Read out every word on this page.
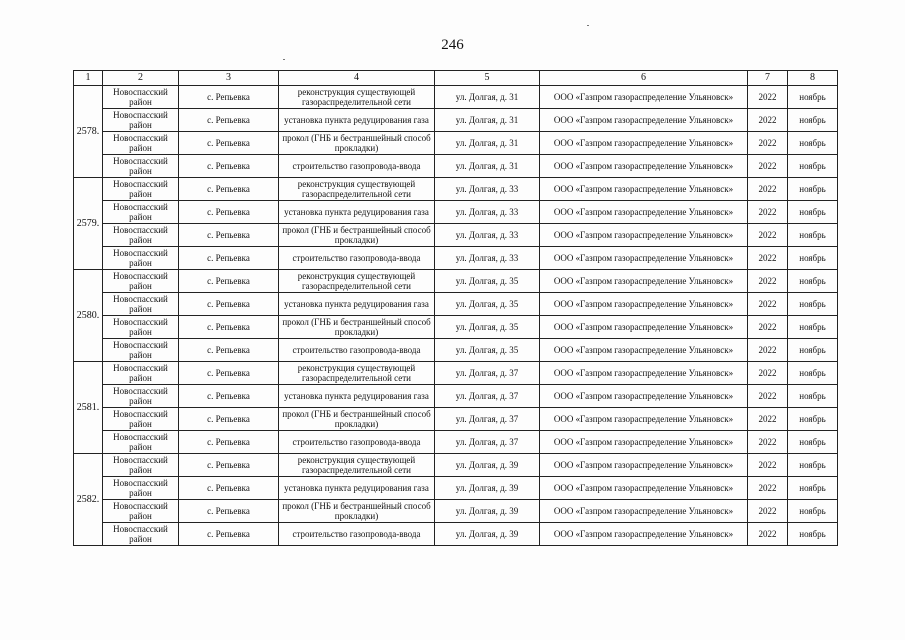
246
1	2	3	4	5	6	7	8
2578.	Новоспасский район	с. Репьевка	реконструкция существующей газораспределительной сети	ул. Долгая, д. 31	ООО «Газпром газораспределение Ульяновск»	2022	ноябрь
	Новоспасский район	с. Репьевка	установка пункта редуцирования газа	ул. Долгая, д. 31	ООО «Газпром газораспределение Ульяновск»	2022	ноябрь
	Новоспасский район	с. Репьевка	прокол (ГНБ и бестраншейный способ прокладки)	ул. Долгая, д. 31	ООО «Газпром газораспределение Ульяновск»	2022	ноябрь
	Новоспасский район	с. Репьевка	строительство газопровода-ввода	ул. Долгая, д. 31	ООО «Газпром газораспределение Ульяновск»	2022	ноябрь
2579.	Новоспасский район	с. Репьевка	реконструкция существующей газораспределительной сети	ул. Долгая, д. 33	ООО «Газпром газораспределение Ульяновск»	2022	ноябрь
	Новоспасский район	с. Репьевка	установка пункта редуцирования газа	ул. Долгая, д. 33	ООО «Газпром газораспределение Ульяновск»	2022	ноябрь
	Новоспасский район	с. Репьевка	прокол (ГНБ и бестраншейный способ прокладки)	ул. Долгая, д. 33	ООО «Газпром газораспределение Ульяновск»	2022	ноябрь
	Новоспасский район	с. Репьевка	строительство газопровода-ввода	ул. Долгая, д. 33	ООО «Газпром газораспределение Ульяновск»	2022	ноябрь
2580.	Новоспасский район	с. Репьевка	реконструкция существующей газораспределительной сети	ул. Долгая, д. 35	ООО «Газпром газораспределение Ульяновск»	2022	ноябрь
	Новоспасский район	с. Репьевка	установка пункта редуцирования газа	ул. Долгая, д. 35	ООО «Газпром газораспределение Ульяновск»	2022	ноябрь
	Новоспасский район	с. Репьевка	прокол (ГНБ и бестраншейный способ прокладки)	ул. Долгая, д. 35	ООО «Газпром газораспределение Ульяновск»	2022	ноябрь
	Новоспасский район	с. Репьевка	строительство газопровода-ввода	ул. Долгая, д. 35	ООО «Газпром газораспределение Ульяновск»	2022	ноябрь
2581.	Новоспасский район	с. Репьевка	реконструкция существующей газораспределительной сети	ул. Долгая, д. 37	ООО «Газпром газораспределение Ульяновск»	2022	ноябрь
	Новоспасский район	с. Репьевка	установка пункта редуцирования газа	ул. Долгая, д. 37	ООО «Газпром газораспределение Ульяновск»	2022	ноябрь
	Новоспасский район	с. Репьевка	прокол (ГНБ и бестраншейный способ прокладки)	ул. Долгая, д. 37	ООО «Газпром газораспределение Ульяновск»	2022	ноябрь
	Новоспасский район	с. Репьевка	строительство газопровода-ввода	ул. Долгая, д. 37	ООО «Газпром газораспределение Ульяновск»	2022	ноябрь
2582.	Новоспасский район	с. Репьевка	реконструкция существующей газораспределительной сети	ул. Долгая, д. 39	ООО «Газпром газораспределение Ульяновск»	2022	ноябрь
	Новоспасский район	с. Репьевка	установка пункта редуцирования газа	ул. Долгая, д. 39	ООО «Газпром газораспределение Ульяновск»	2022	ноябрь
	Новоспасский район	с. Репьевка	прокол (ГНБ и бестраншейный способ прокладки)	ул. Долгая, д. 39	ООО «Газпром газораспределение Ульяновск»	2022	ноябрь
	Новоспасский район	с. Репьевка	строительство газопровода-ввода	ул. Долгая, д. 39	ООО «Газпром газораспределение Ульяновск»	2022	ноябрь
